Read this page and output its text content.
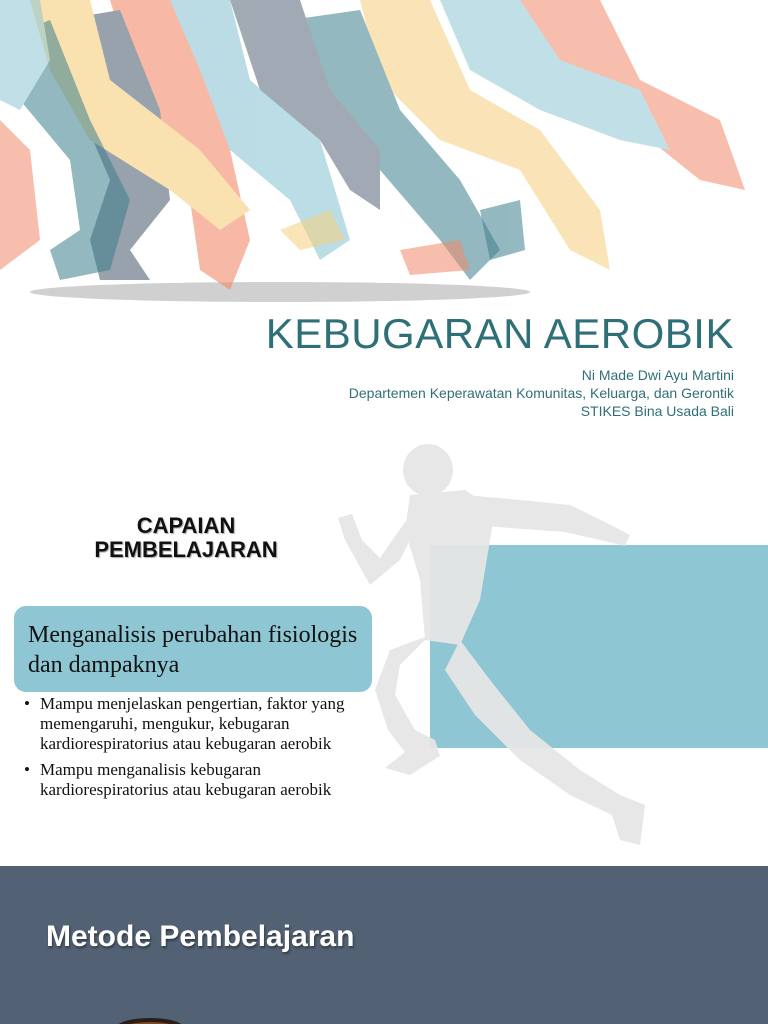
KEBUGARAN AEROBIK
Ni Made Dwi Ayu Martini
Departemen Keperawatan Komunitas, Keluarga, dan Gerontik
STIKES Bina Usada Bali
CAPAIAN
PEMBELAJARAN
Menganalisis perubahan fisiologis dan dampaknya
• Mampu menjelaskan pengertian, faktor yang memengaruhi, mengukur, kebugaran kardiorespiratorius atau kebugaran aerobik
• Mampu menganalisis kebugaran kardiorespiratorius atau kebugaran aerobik
Metode Pembelajaran
